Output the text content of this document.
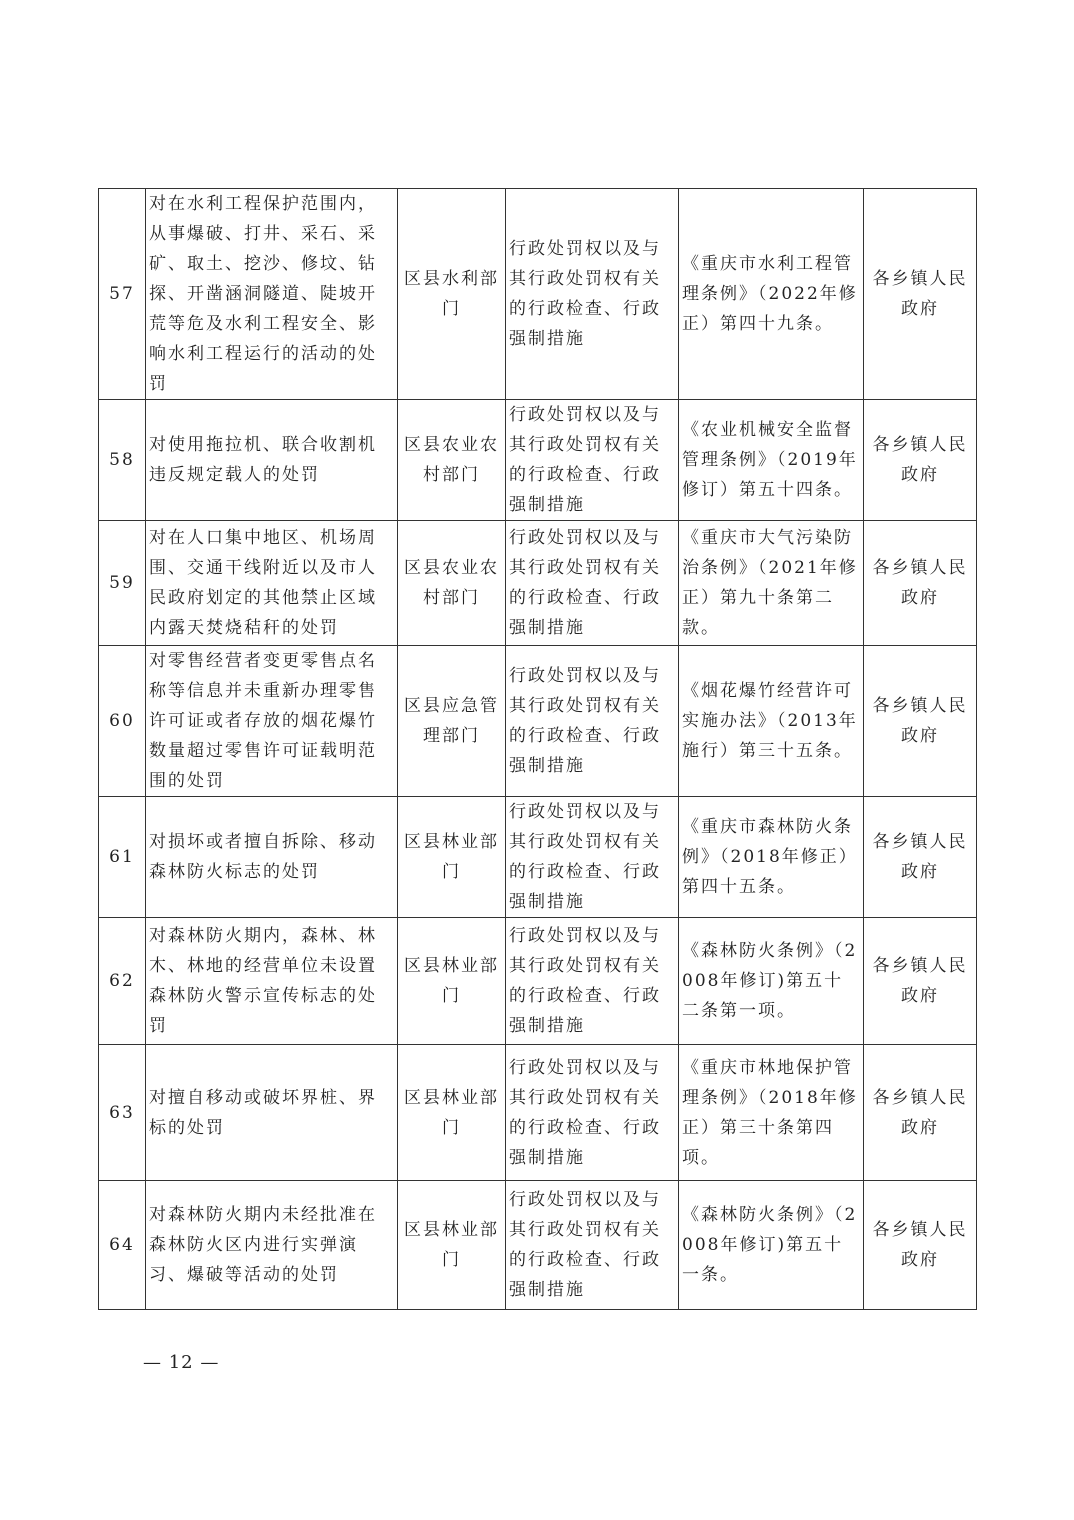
57	对在水利工程保护范围内，从事爆破、打井、采石、采矿、取土、挖沙、修坟、钻探、开凿涵洞隧道、陡坡开荒等危及水利工程安全、影响水利工程运行的活动的处罚	区县水利部门	行政处罚权以及与其行政处罚权有关的行政检查、行政强制措施	《重庆市水利工程管理条例》（2022年修正）第四十九条。	各乡镇人民政府
58	对使用拖拉机、联合收割机违反规定载人的处罚	区县农业农村部门	行政处罚权以及与其行政处罚权有关的行政检查、行政强制措施	《农业机械安全监督管理条例》（2019年修订）第五十四条。	各乡镇人民政府
59	对在人口集中地区、机场周围、交通干线附近以及市人民政府划定的其他禁止区域内露天焚烧秸秆的处罚	区县农业农村部门	行政处罚权以及与其行政处罚权有关的行政检查、行政强制措施	《重庆市大气污染防治条例》（2021年修正）第九十条第二款。	各乡镇人民政府
60	对零售经营者变更零售点名称等信息并未重新办理零售许可证或者存放的烟花爆竹数量超过零售许可证载明范围的处罚	区县应急管理部门	行政处罚权以及与其行政处罚权有关的行政检查、行政强制措施	《烟花爆竹经营许可实施办法》（2013年施行）第三十五条。	各乡镇人民政府
61	对损坏或者擅自拆除、移动森林防火标志的处罚	区县林业部门	行政处罚权以及与其行政处罚权有关的行政检查、行政强制措施	《重庆市森林防火条例》（2018年修正）第四十五条。	各乡镇人民政府
62	对森林防火期内，森林、林木、林地的经营单位未设置森林防火警示宣传标志的处罚	区县林业部门	行政处罚权以及与其行政处罚权有关的行政检查、行政强制措施	《森林防火条例》（2008年修订)第五十二条第一项。	各乡镇人民政府
63	对擅自移动或破坏界桩、界标的处罚	区县林业部门	行政处罚权以及与其行政处罚权有关的行政检查、行政强制措施	《重庆市林地保护管理条例》（2018年修正）第三十条第四项。	各乡镇人民政府
64	对森林防火期内未经批准在森林防火区内进行实弹演习、爆破等活动的处罚	区县林业部门	行政处罚权以及与其行政处罚权有关的行政检查、行政强制措施	《森林防火条例》（2008年修订)第五十一条。	各乡镇人民政府
— 12 —
